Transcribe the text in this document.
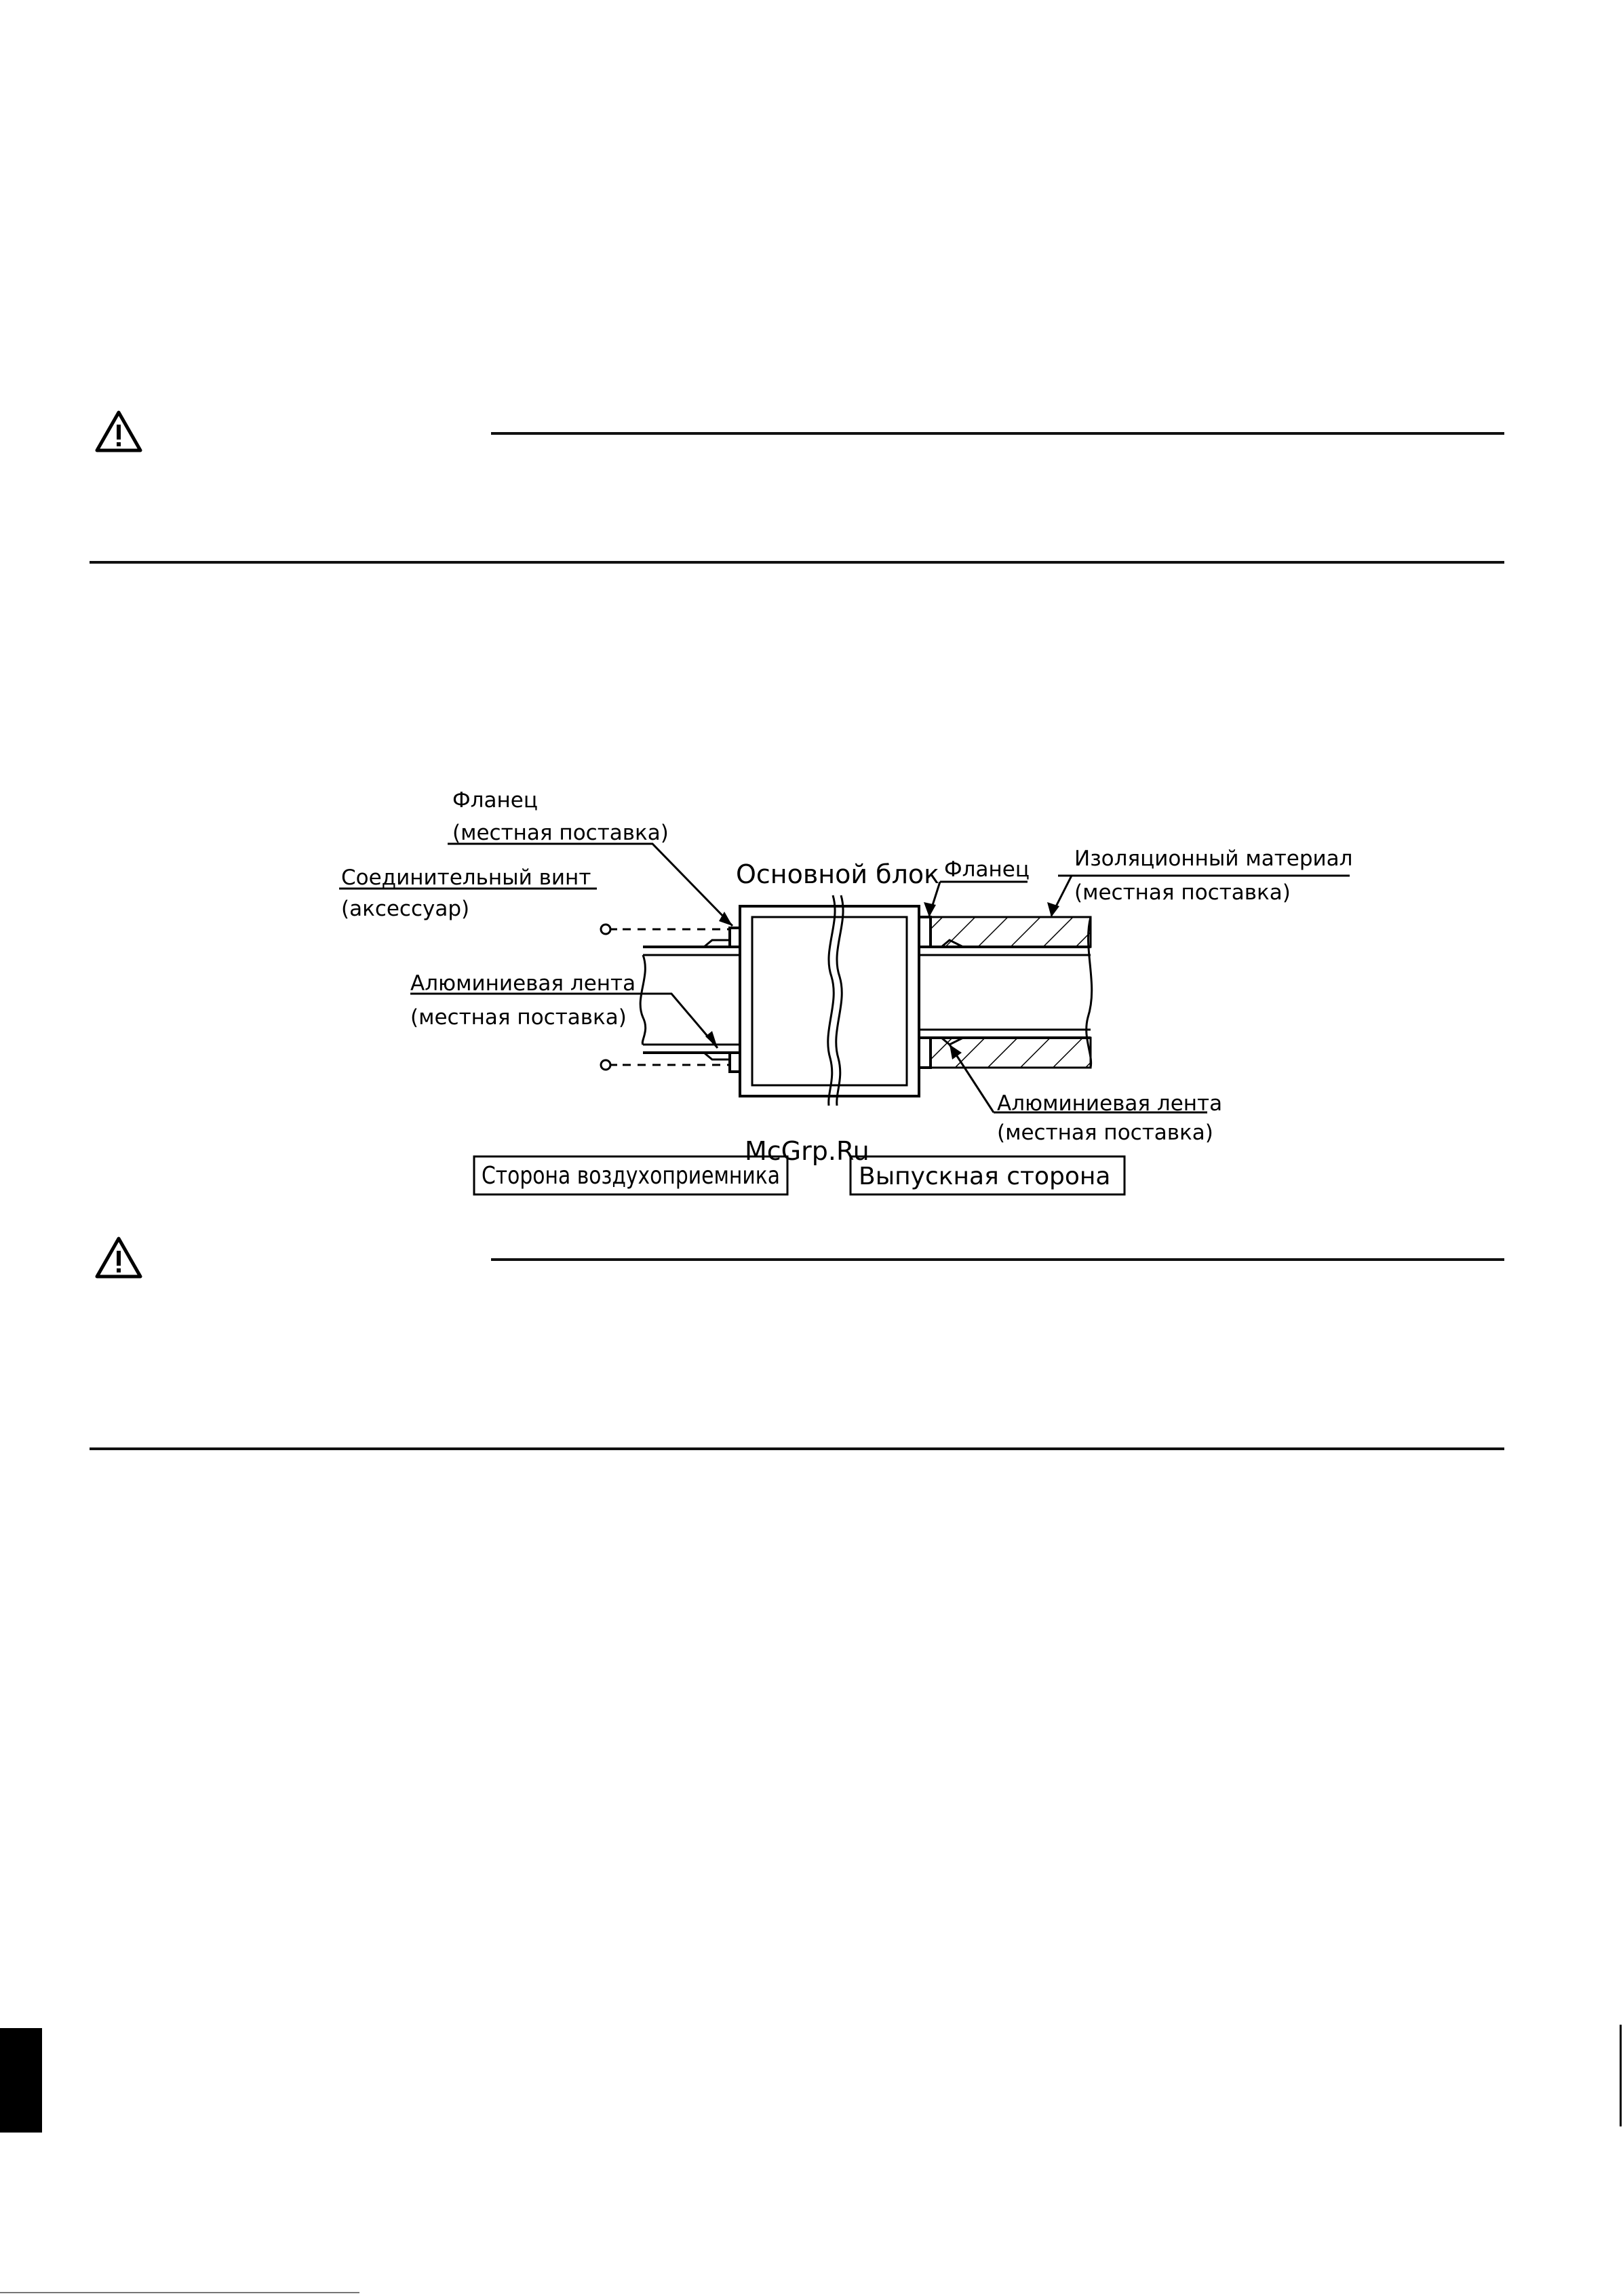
Фланец
(местная поставка)
Основной блок Фланец Изоляционный материал
(местная поставка)
Соединительный винт
(аксессуар)
Алюминиевая лента
(местная поставка)
Алюминиевая лента
(местная поставка)
McGrp.Ru
Сторона воздухоприемника	Выпускная сторона
